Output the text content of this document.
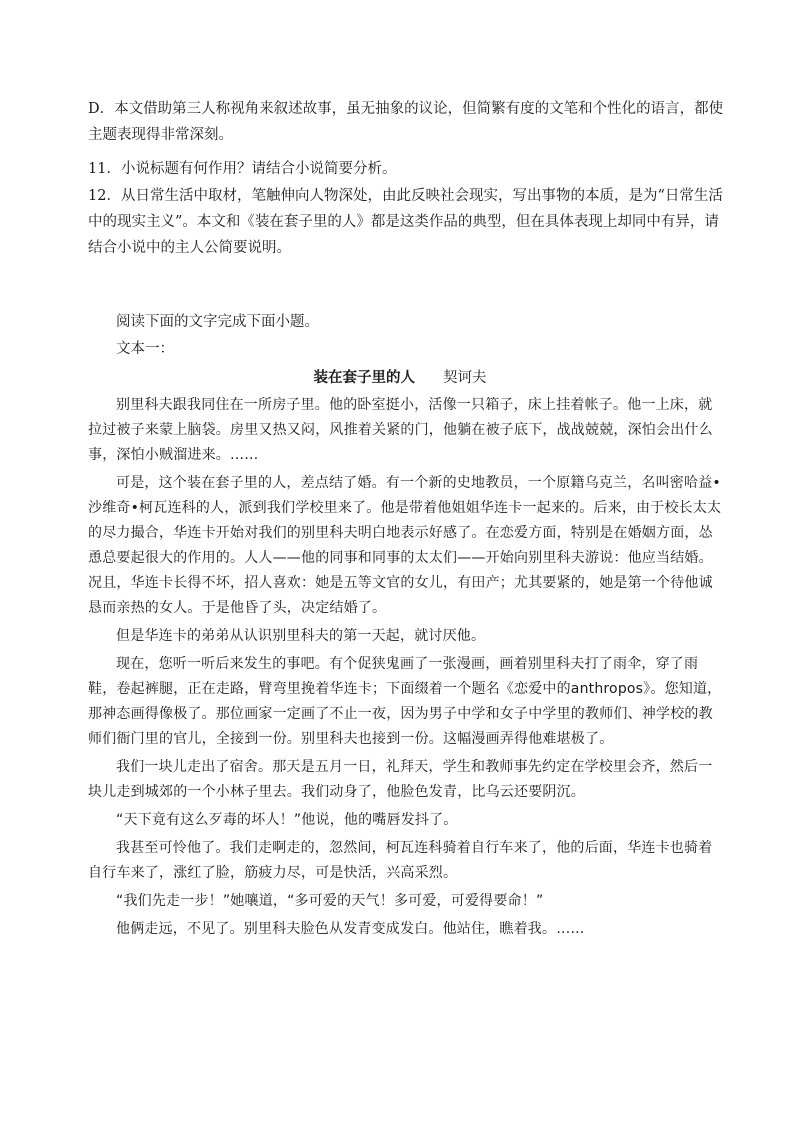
D．本文借助第三人称视角来叙述故事，虽无抽象的议论，但简繁有度的文笔和个性化的语言，都使主题表现得非常深刻。

11．小说标题有何作用？请结合小说简要分析。

12．从日常生活中取材，笔触伸向人物深处，由此反映社会现实，写出事物的本质，是为“日常生活中的现实主义”。本文和《装在套子里的人》都是这类作品的典型，但在具体表现上却同中有异，请结合小说中的主人公简要说明。

阅读下面的文字完成下面小题。

文本一：

装在套子里的人 契诃夫

别里科夫跟我同住在一所房子里。他的卧室挺小，活像一只箱子，床上挂着帐子。他一上床，就拉过被子来蒙上脑袋。房里又热又闷，风推着关紧的门，他躺在被子底下，战战兢兢，深怕会出什么事，深怕小贼溜进来。……

可是，这个装在套子里的人，差点结了婚。有一个新的史地教员，一个原籍乌克兰，名叫密哈益•沙维奇•柯瓦连科的人，派到我们学校里来了。他是带着他姐姐华连卡一起来的。后来，由于校长太太的尽力撮合，华连卡开始对我们的别里科夫明白地表示好感了。在恋爱方面，特别是在婚姻方面，怂恿总要起很大的作用的。人人——他的同事和同事的太太们——开始向别里科夫游说：他应当结婚。况且，华连卡长得不坏，招人喜欢：她是五等文官的女儿，有田产；尤其要紧的，她是第一个待他诚恳而亲热的女人。于是他昏了头，决定结婚了。

但是华连卡的弟弟从认识别里科夫的第一天起，就讨厌他。

现在，您听一听后来发生的事吧。有个促狭鬼画了一张漫画，画着别里科夫打了雨伞，穿了雨鞋，卷起裤腿，正在走路，臂弯里挽着华连卡；下面缀着一个题名《恋爱中的anthropos》。您知道，那神态画得像极了。那位画家一定画了不止一夜，因为男子中学和女子中学里的教师们、神学校的教师们衙门里的官儿，全接到一份。别里科夫也接到一份。这幅漫画弄得他难堪极了。

我们一块儿走出了宿舍。那天是五月一日，礼拜天，学生和教师事先约定在学校里会齐，然后一块儿走到城郊的一个小林子里去。我们动身了，他脸色发青，比乌云还要阴沉。

“天下竟有这么歹毒的坏人！”他说，他的嘴唇发抖了。

我甚至可怜他了。我们走啊走的，忽然间，柯瓦连科骑着自行车来了，他的后面，华连卡也骑着自行车来了，涨红了脸，筋疲力尽，可是快活，兴高采烈。

“我们先走一步！”她嚷道，“多可爱的天气！多可爱，可爱得要命！”

他俩走远，不见了。别里科夫脸色从发青变成发白。他站住，瞧着我。……
